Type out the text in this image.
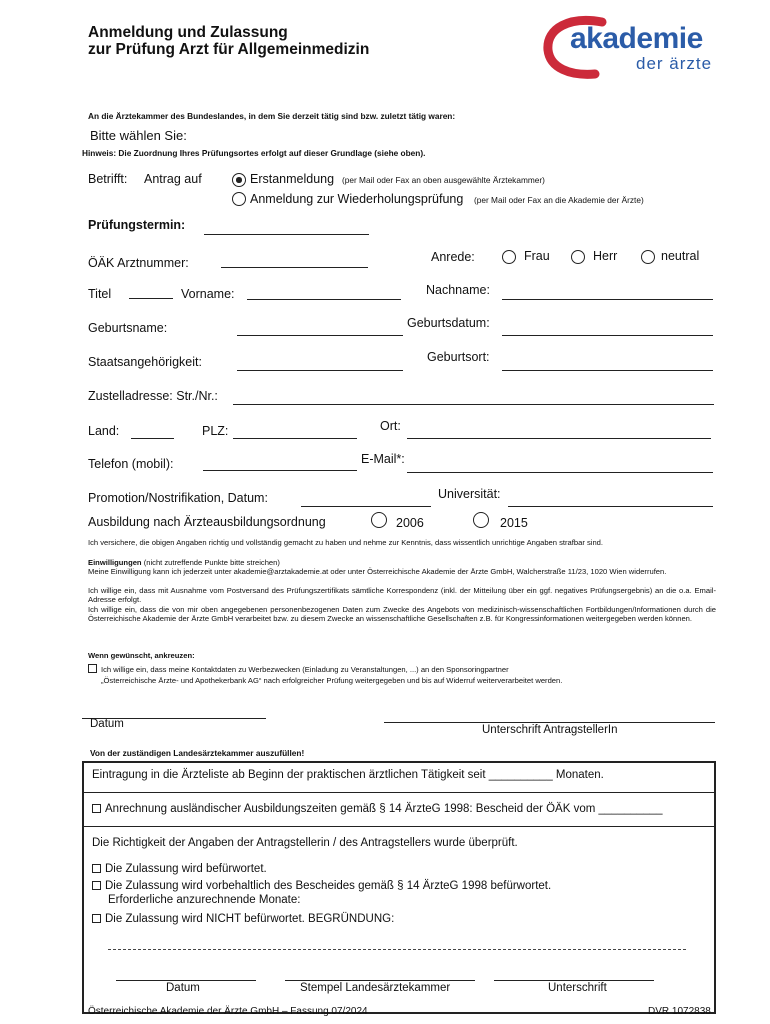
Anmeldung und Zulassung
zur Prüfung Arzt für Allgemeinmedizin	akademie
der ärzte
An die Ärztekammer des Bundeslandes, in dem Sie derzeit tätig sind bzw. zuletzt tätig waren:
Bitte wählen Sie:
Hinweis: Die Zuordnung Ihres Prüfungsortes erfolgt auf dieser Grundlage (siehe oben).
Betrifft: Antrag auf	Erstanmeldung (per Mail oder Fax an oben ausgewählte Ärztekammer)
Anmeldung zur Wiederholungsprüfung (per Mail oder Fax an die Akademie der Ärzte)
Prüfungstermin:
ÖÄK Arztnummer:	Anrede:	Frau	Herr	neutral
Titel	Vorname:	Nachname:
Geburtsname:	Geburtsdatum:
Staatsangehörigkeit:	Geburtsort:
Zustelladresse: Str./Nr.:
Land:	PLZ:	Ort:
Telefon (mobil):	E-Mail*:
Promotion/Nostrifikation, Datum:	Universität:
Ausbildung nach Ärzteausbildungsordnung	2006	2015
Ich versichere, die obigen Angaben richtig und vollständig gemacht zu haben und nehme zur Kenntnis, dass wissentlich unrichtige Angaben strafbar sind.
Einwilligungen (nicht zutreffende Punkte bitte streichen)
Meine Einwilligung kann ich jederzeit unter akademie@arztakademie.at oder unter Österreichische Akademie der Ärzte GmbH, Walcherstraße 11/23, 1020 Wien widerrufen.
Ich willige ein, dass mit Ausnahme vom Postversand des Prüfungszertifikats sämtliche Korrespondenz (inkl. der Mitteilung über ein ggf. negatives Prüfungsergebnis) an die o.a. Email-Adresse erfolgt.
Ich willige ein, dass die von mir oben angegebenen personenbezogenen Daten zum Zwecke des Angebots von medizinisch-wissenschaftlichen Fortbildungen/Informationen durch die Österreichische Akademie der Ärzte GmbH verarbeitet bzw. zu diesem Zwecke an wissenschaftliche Gesellschaften z.B. für Kongressinformationen weitergegeben werden können.
Wenn gewünscht, ankreuzen:
Ich willige ein, dass meine Kontaktdaten zu Werbezwecken (Einladung zu Veranstaltungen, ...) an den Sponsoringpartner
„Österreichische Ärzte- und Apothekerbank AG“ nach erfolgreicher Prüfung weitergegeben und bis auf Widerruf weiterverarbeitet werden.
Datum	Unterschrift AntragstellerIn
Von der zuständigen Landesärztekammer auszufüllen!
Eintragung in die Ärzteliste ab Beginn der praktischen ärztlichen Tätigkeit seit __________ Monaten.
Anrechnung ausländischer Ausbildungszeiten gemäß § 14 ÄrzteG 1998: Bescheid der ÖÄK vom __________
Die Richtigkeit der Angaben der Antragstellerin / des Antragstellers wurde überprüft.
Die Zulassung wird befürwortet.
Die Zulassung wird vorbehaltlich des Bescheides gemäß § 14 ÄrzteG 1998 befürwortet.
Erforderliche anzurechnende Monate:
Die Zulassung wird NICHT befürwortet. BEGRÜNDUNG:
Datum	Stempel Landesärztekammer	Unterschrift
Österreichische Akademie der Ärzte GmbH – Fassung 07/2024	DVR 1072838
